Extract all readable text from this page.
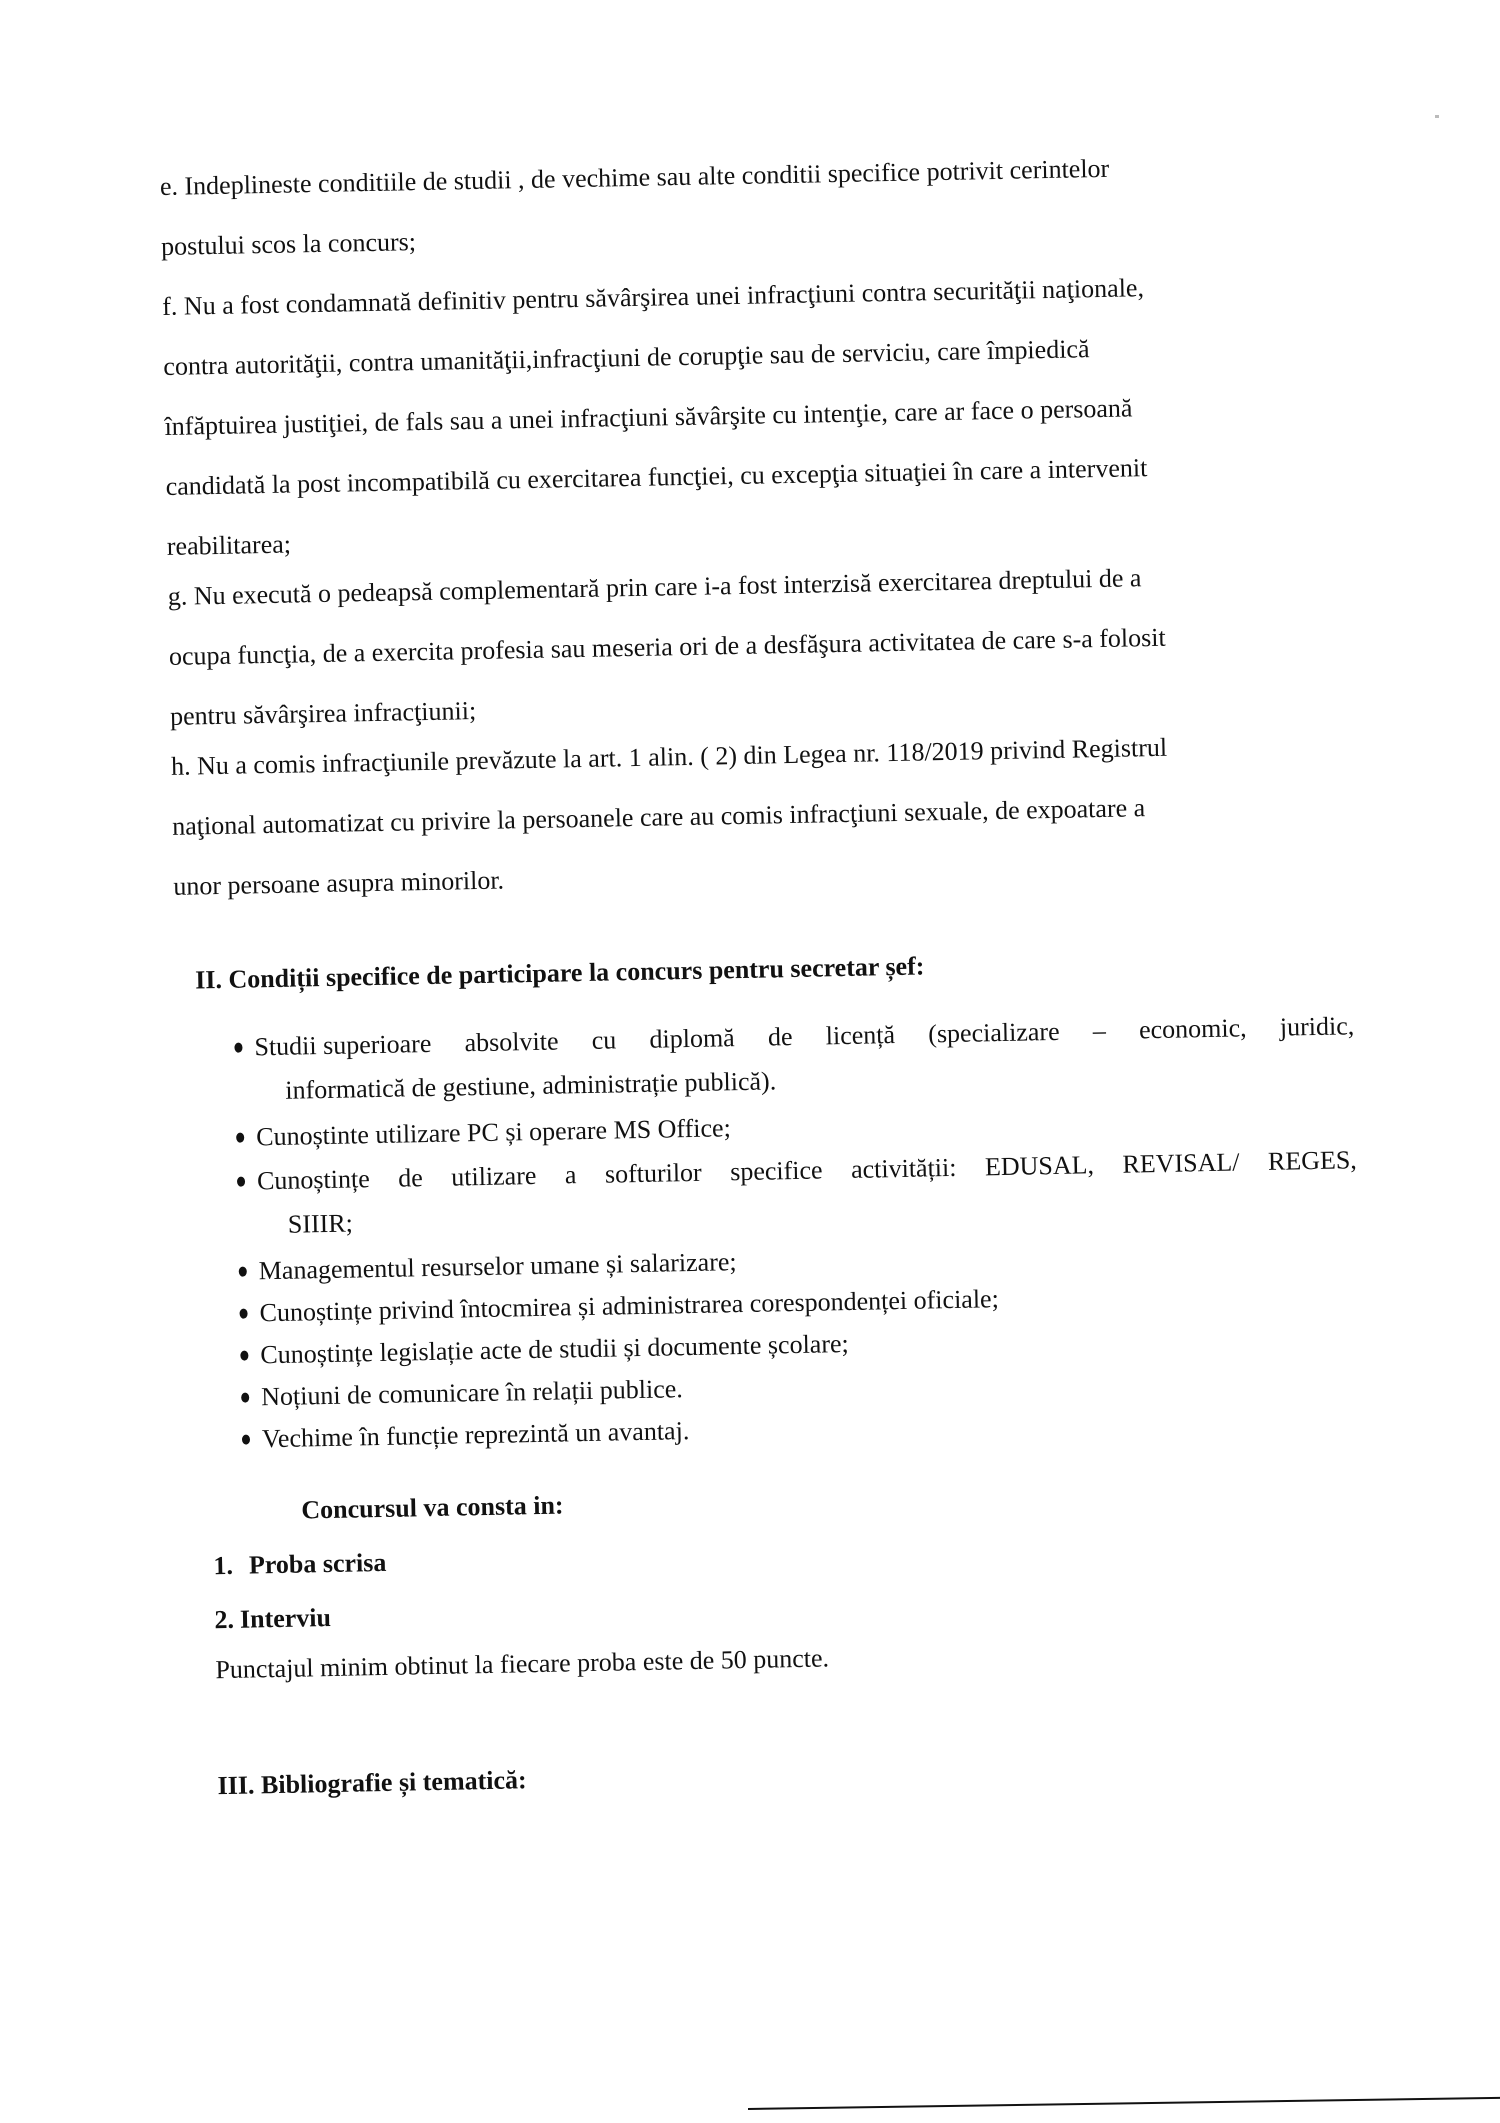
e. Indeplineste conditiile de studii , de vechime sau alte conditii specifice potrivit cerintelor
postului scos la concurs;
f. Nu a fost condamnată definitiv pentru săvârşirea unei infracţiuni contra securităţii naţionale,
contra autorităţii, contra umanităţii,infracţiuni de corupţie sau de serviciu, care împiedică
înfăptuirea justiţiei, de fals sau a unei infracţiuni săvârşite cu intenţie, care ar face o persoană
candidată la post incompatibilă cu exercitarea funcţiei, cu excepţia situaţiei în care a intervenit
reabilitarea;
g. Nu execută o pedeapsă complementară prin care i-a fost interzisă exercitarea dreptului de a
ocupa funcţia, de a exercita profesia sau meseria ori de a desfăşura activitatea de care s-a folosit
pentru săvârşirea infracţiunii;
h. Nu a comis infracţiunile prevăzute la art. 1 alin. ( 2) din Legea nr. 118/2019 privind Registrul
naţional automatizat cu privire la persoanele care au comis infracţiuni sexuale, de expoatare a
unor persoane asupra minorilor.
II. Condiții specifice de participare la concurs pentru secretar șef:
Studii superioare absolvite cu diplomă de licență (specializare – economic, juridic,
informatică de gestiune, administrație publică).
Cunoștinte utilizare PC și operare MS Office;
Cunoștințe de utilizare a softurilor specifice activității: EDUSAL, REVISAL/ REGES,
SIIIR;
Managementul resurselor umane și salarizare;
Cunoștințe privind întocmirea și administrarea corespondenței oficiale;
Cunoștințe legislație acte de studii și documente școlare;
Noțiuni de comunicare în relații publice.
Vechime în funcție reprezintă un avantaj.
Concursul va consta in:
1. Proba scrisa
2. Interviu
Punctajul minim obtinut la fiecare proba este de 50 puncte.
III. Bibliografie și tematică:
